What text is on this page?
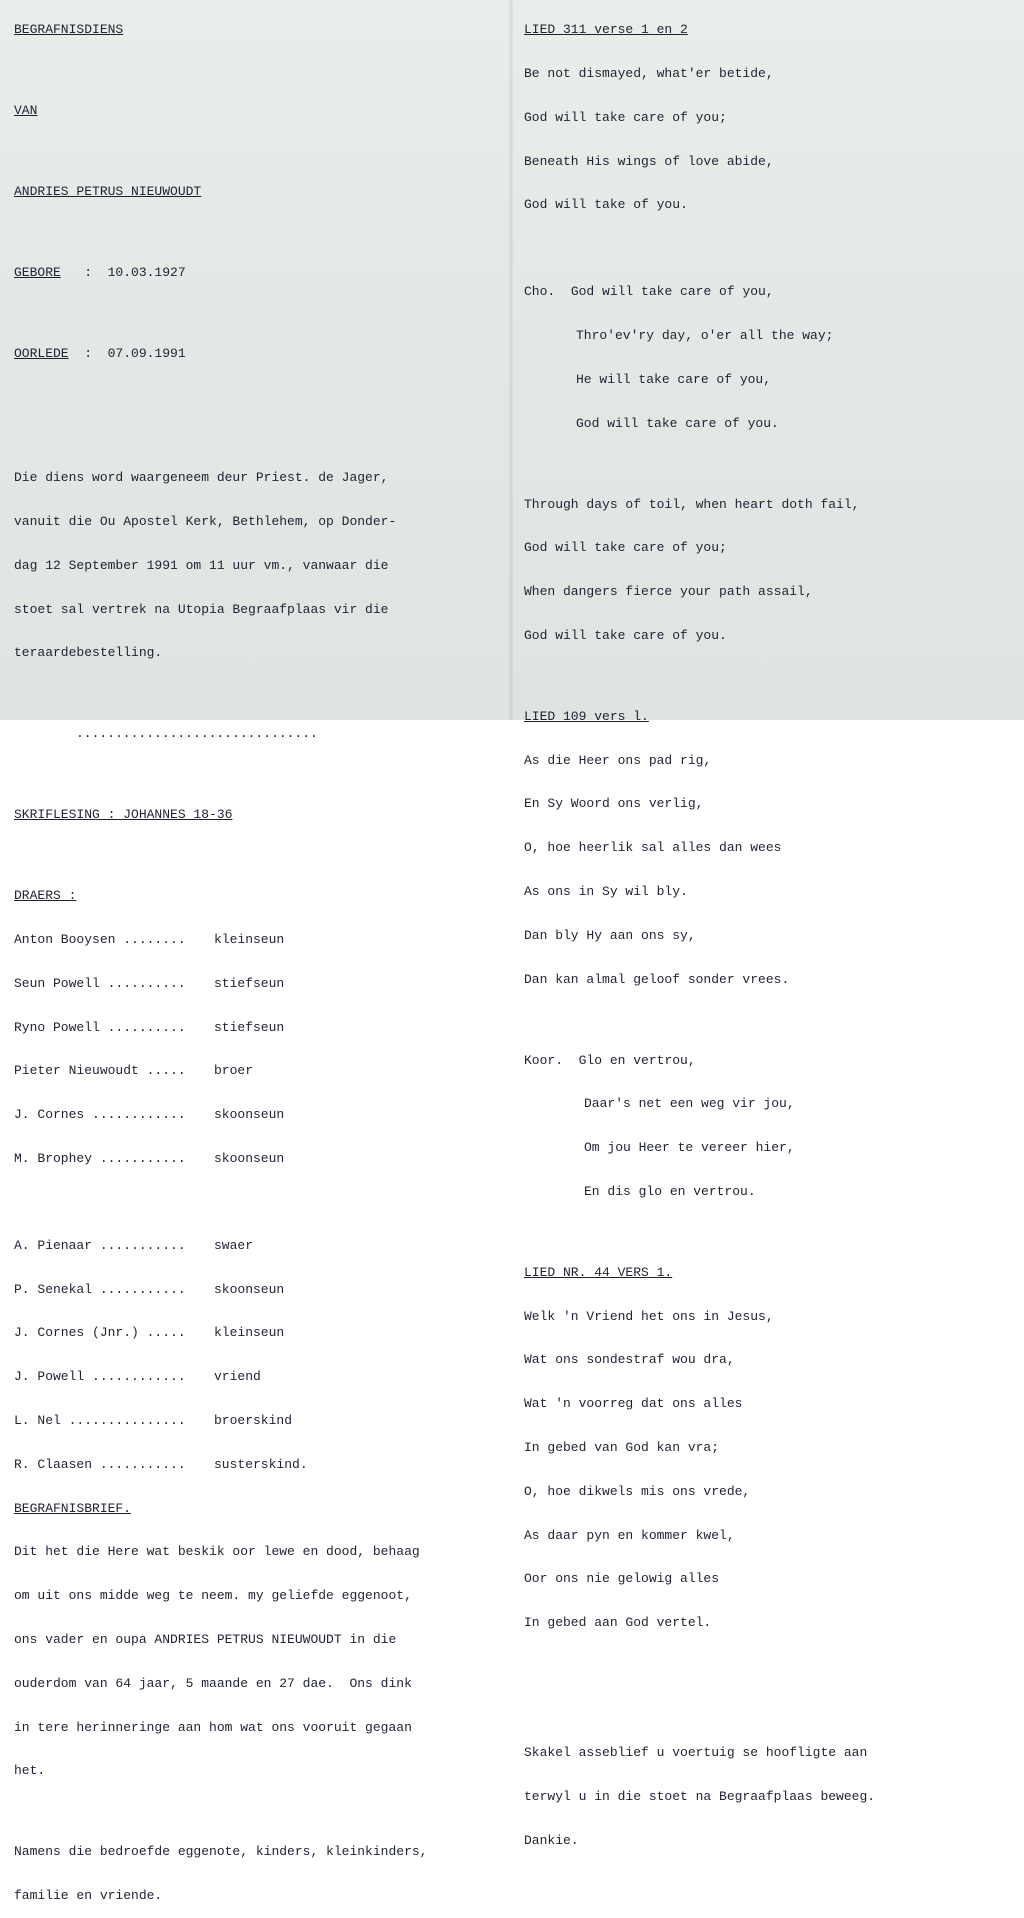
BEGRAFNISDIENS

VAN

ANDRIES PETRUS NIEUWOUDT

GEBORE :  10.03.1927

OORLEDE :  07.09.1991

Die diens word waargeneem deur Priest. de Jager,

vanuit die Ou Apostel Kerk, Bethlehem, op Donder-

dag 12 September 1991 om 11 uur vm., vanwaar die

stoet sal vertrek na Utopia Begraafplaas vir die

teraardebestelling.

...............................

SKRIFLESING : JOHANNES 18-36

DRAERS :

Anton Booysen ........	kleinseun

Seun Powell ..........	stiefseun

Ryno Powell ..........	stiefseun

Pieter Nieuwoudt .....	broer

J. Cornes ............	skoonseun

M. Brophey ...........	skoonseun

A. Pienaar ...........	swaer

P. Senekal ...........	skoonseun

J. Cornes (Jnr.) .....	kleinseun

J. Powell ............	vriend

L. Nel ...............	broerskind

R. Claasen ...........	susterskind.

BEGRAFNISBRIEF.

Dit het die Here wat beskik oor lewe en dood, behaag

om uit ons midde weg te neem. my geliefde eggenoot,

ons vader en oupa ANDRIES PETRUS NIEUWOUDT in die

ouderdom van 64 jaar, 5 maande en 27 dae.  Ons dink

in tere herinneringe aan hom wat ons vooruit gegaan

het.

Namens die bedroefde eggenote, kinders, kleinkinders,

familie en vriende.

LIED 311 verse 1 en 2

Be not dismayed, what'er betide,

God will take care of you;

Beneath His wings of love abide,

God will take of you.

Cho. God will take care of you,

Thro'ev'ry day, o'er all the way;

He will take care of you,

God will take care of you.

Through days of toil, when heart doth fail,

God will take care of you;

When dangers fierce your path assail,

God will take care of you.

LIED 109 vers l.

As die Heer ons pad rig,

En Sy Woord ons verlig,

O, hoe heerlik sal alles dan wees

As ons in Sy wil bly.

Dan bly Hy aan ons sy,

Dan kan almal geloof sonder vrees.

Koor. Glo en vertrou,

Daar's net een weg vir jou,

Om jou Heer te vereer hier,

En dis glo en vertrou.

LIED NR. 44 VERS 1.

Welk 'n Vriend het ons in Jesus,

Wat ons sondestraf wou dra,

Wat 'n voorreg dat ons alles

In gebed van God kan vra;

O, hoe dikwels mis ons vrede,

As daar pyn en kommer kwel,

Oor ons nie gelowig alles

In gebed aan God vertel.

Skakel asseblief u voertuig se hoofligte aan

terwyl u in die stoet na Begraafplaas beweeg.

Dankie.
